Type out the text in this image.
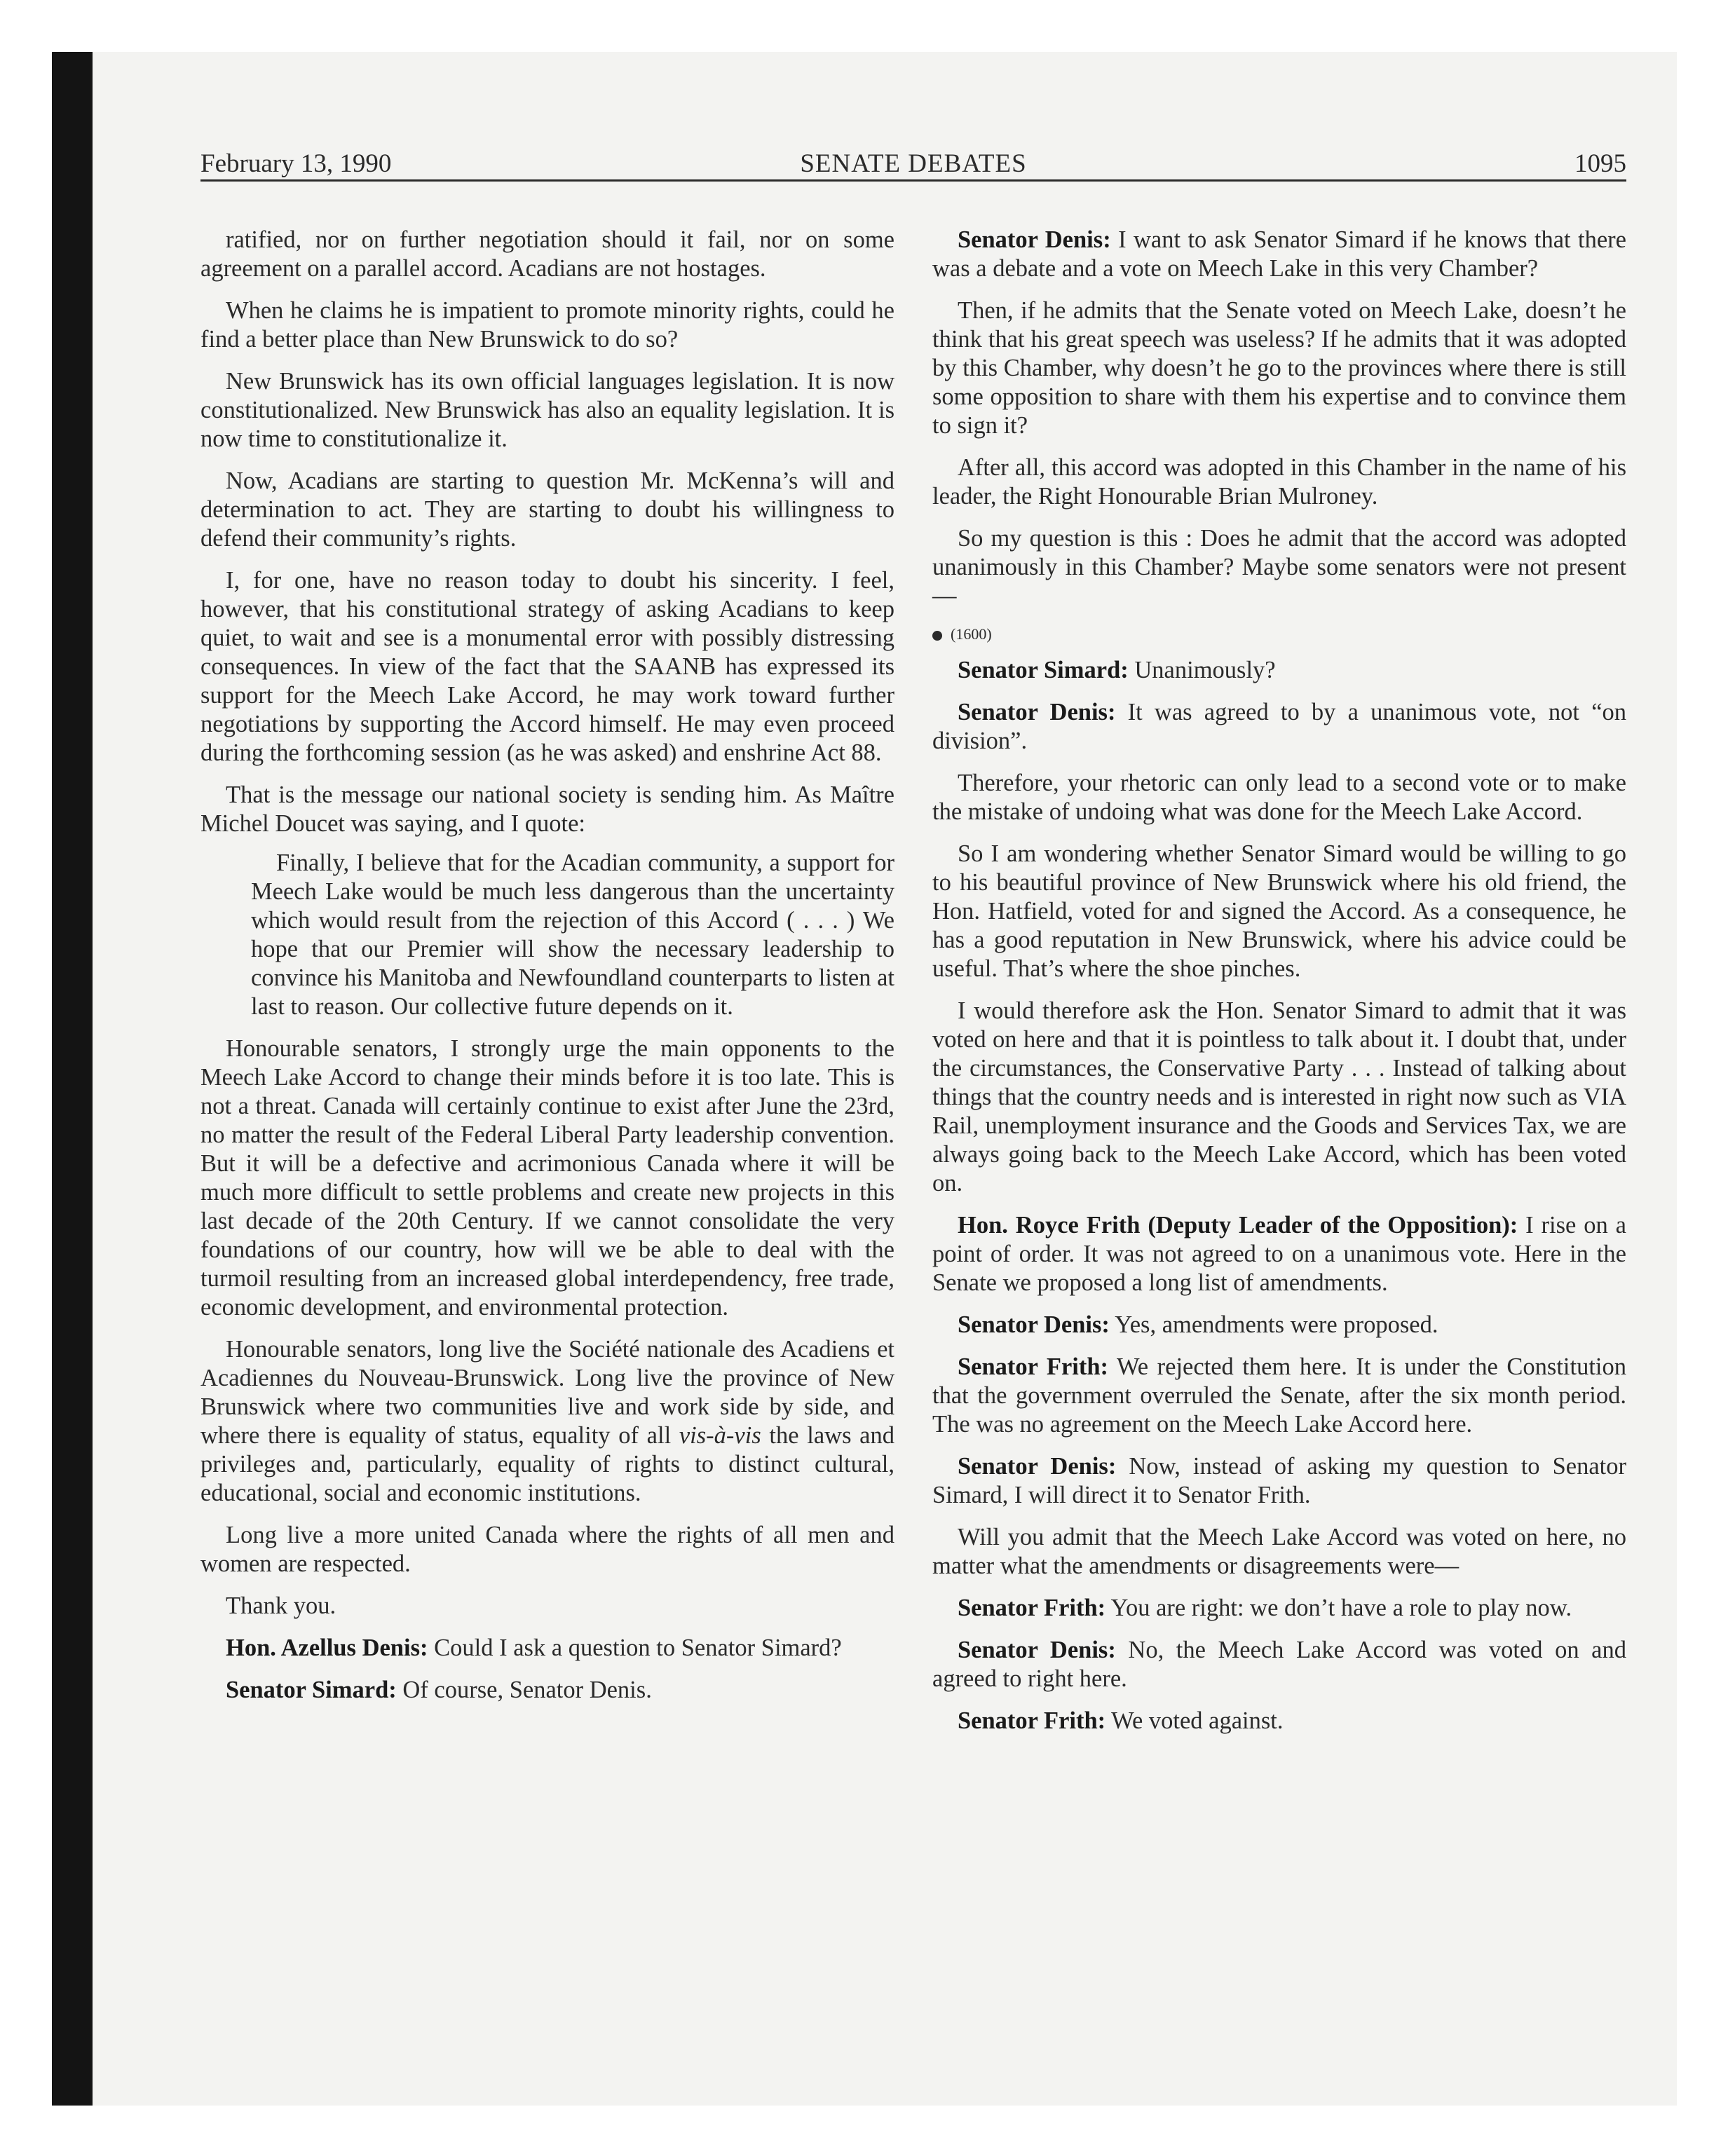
February 13, 1990	SENATE DEBATES	1095

ratified, nor on further negotiation should it fail, nor on some agreement on a parallel accord. Acadians are not hostages.

When he claims he is impatient to promote minority rights, could he find a better place than New Brunswick to do so?

New Brunswick has its own official languages legislation. It is now constitutionalized. New Brunswick has also an equality legislation. It is now time to constitutionalize it.

Now, Acadians are starting to question Mr. McKenna’s will and determination to act. They are starting to doubt his willingness to defend their community’s rights.

I, for one, have no reason today to doubt his sincerity. I feel, however, that his constitutional strategy of asking Acadians to keep quiet, to wait and see is a monumental error with possibly distressing consequences. In view of the fact that the SAANB has expressed its support for the Meech Lake Accord, he may work toward further negotiations by supporting the Accord himself. He may even proceed during the forthcoming session (as he was asked) and enshrine Act 88.

That is the message our national society is sending him. As Maître Michel Doucet was saying, and I quote:

Finally, I believe that for the Acadian community, a support for Meech Lake would be much less dangerous than the uncertainty which would result from the rejection of this Accord ( . . . ) We hope that our Premier will show the necessary leadership to convince his Manitoba and Newfoundland counterparts to listen at last to reason. Our collective future depends on it.

Honourable senators, I strongly urge the main opponents to the Meech Lake Accord to change their minds before it is too late. This is not a threat. Canada will certainly continue to exist after June the 23rd, no matter the result of the Federal Liberal Party leadership convention. But it will be a defective and acrimonious Canada where it will be much more difficult to settle problems and create new projects in this last decade of the 20th Century. If we cannot consolidate the very foundations of our country, how will we be able to deal with the turmoil resulting from an increased global interdependency, free trade, economic development, and environmental protection.

Honourable senators, long live the Société nationale des Acadiens et Acadiennes du Nouveau-Brunswick. Long live the province of New Brunswick where two communities live and work side by side, and where there is equality of status, equality of all vis-à-vis the laws and privileges and, particularly, equality of rights to distinct cultural, educational, social and economic institutions.

Long live a more united Canada where the rights of all men and women are respected.

Thank you.

Hon. Azellus Denis: Could I ask a question to Senator Simard?

Senator Simard: Of course, Senator Denis.

Senator Denis: I want to ask Senator Simard if he knows that there was a debate and a vote on Meech Lake in this very Chamber?

Then, if he admits that the Senate voted on Meech Lake, doesn’t he think that his great speech was useless? If he admits that it was adopted by this Chamber, why doesn’t he go to the provinces where there is still some opposition to share with them his expertise and to convince them to sign it?

After all, this accord was adopted in this Chamber in the name of his leader, the Right Honourable Brian Mulroney.

So my question is this : Does he admit that the accord was adopted unanimously in this Chamber? Maybe some senators were not present—

(1600)

Senator Simard: Unanimously?

Senator Denis: It was agreed to by a unanimous vote, not “on division”.

Therefore, your rhetoric can only lead to a second vote or to make the mistake of undoing what was done for the Meech Lake Accord.

So I am wondering whether Senator Simard would be willing to go to his beautiful province of New Brunswick where his old friend, the Hon. Hatfield, voted for and signed the Accord. As a consequence, he has a good reputation in New Brunswick, where his advice could be useful. That’s where the shoe pinches.

I would therefore ask the Hon. Senator Simard to admit that it was voted on here and that it is pointless to talk about it. I doubt that, under the circumstances, the Conservative Party . . . Instead of talking about things that the country needs and is interested in right now such as VIA Rail, unemployment insurance and the Goods and Services Tax, we are always going back to the Meech Lake Accord, which has been voted on.

Hon. Royce Frith (Deputy Leader of the Opposition): I rise on a point of order. It was not agreed to on a unanimous vote. Here in the Senate we proposed a long list of amendments.

Senator Denis: Yes, amendments were proposed.

Senator Frith: We rejected them here. It is under the Constitution that the government overruled the Senate, after the six month period. The was no agreement on the Meech Lake Accord here.

Senator Denis: Now, instead of asking my question to Senator Simard, I will direct it to Senator Frith.

Will you admit that the Meech Lake Accord was voted on here, no matter what the amendments or disagreements were—

Senator Frith: You are right: we don’t have a role to play now.

Senator Denis: No, the Meech Lake Accord was voted on and agreed to right here.

Senator Frith: We voted against.
